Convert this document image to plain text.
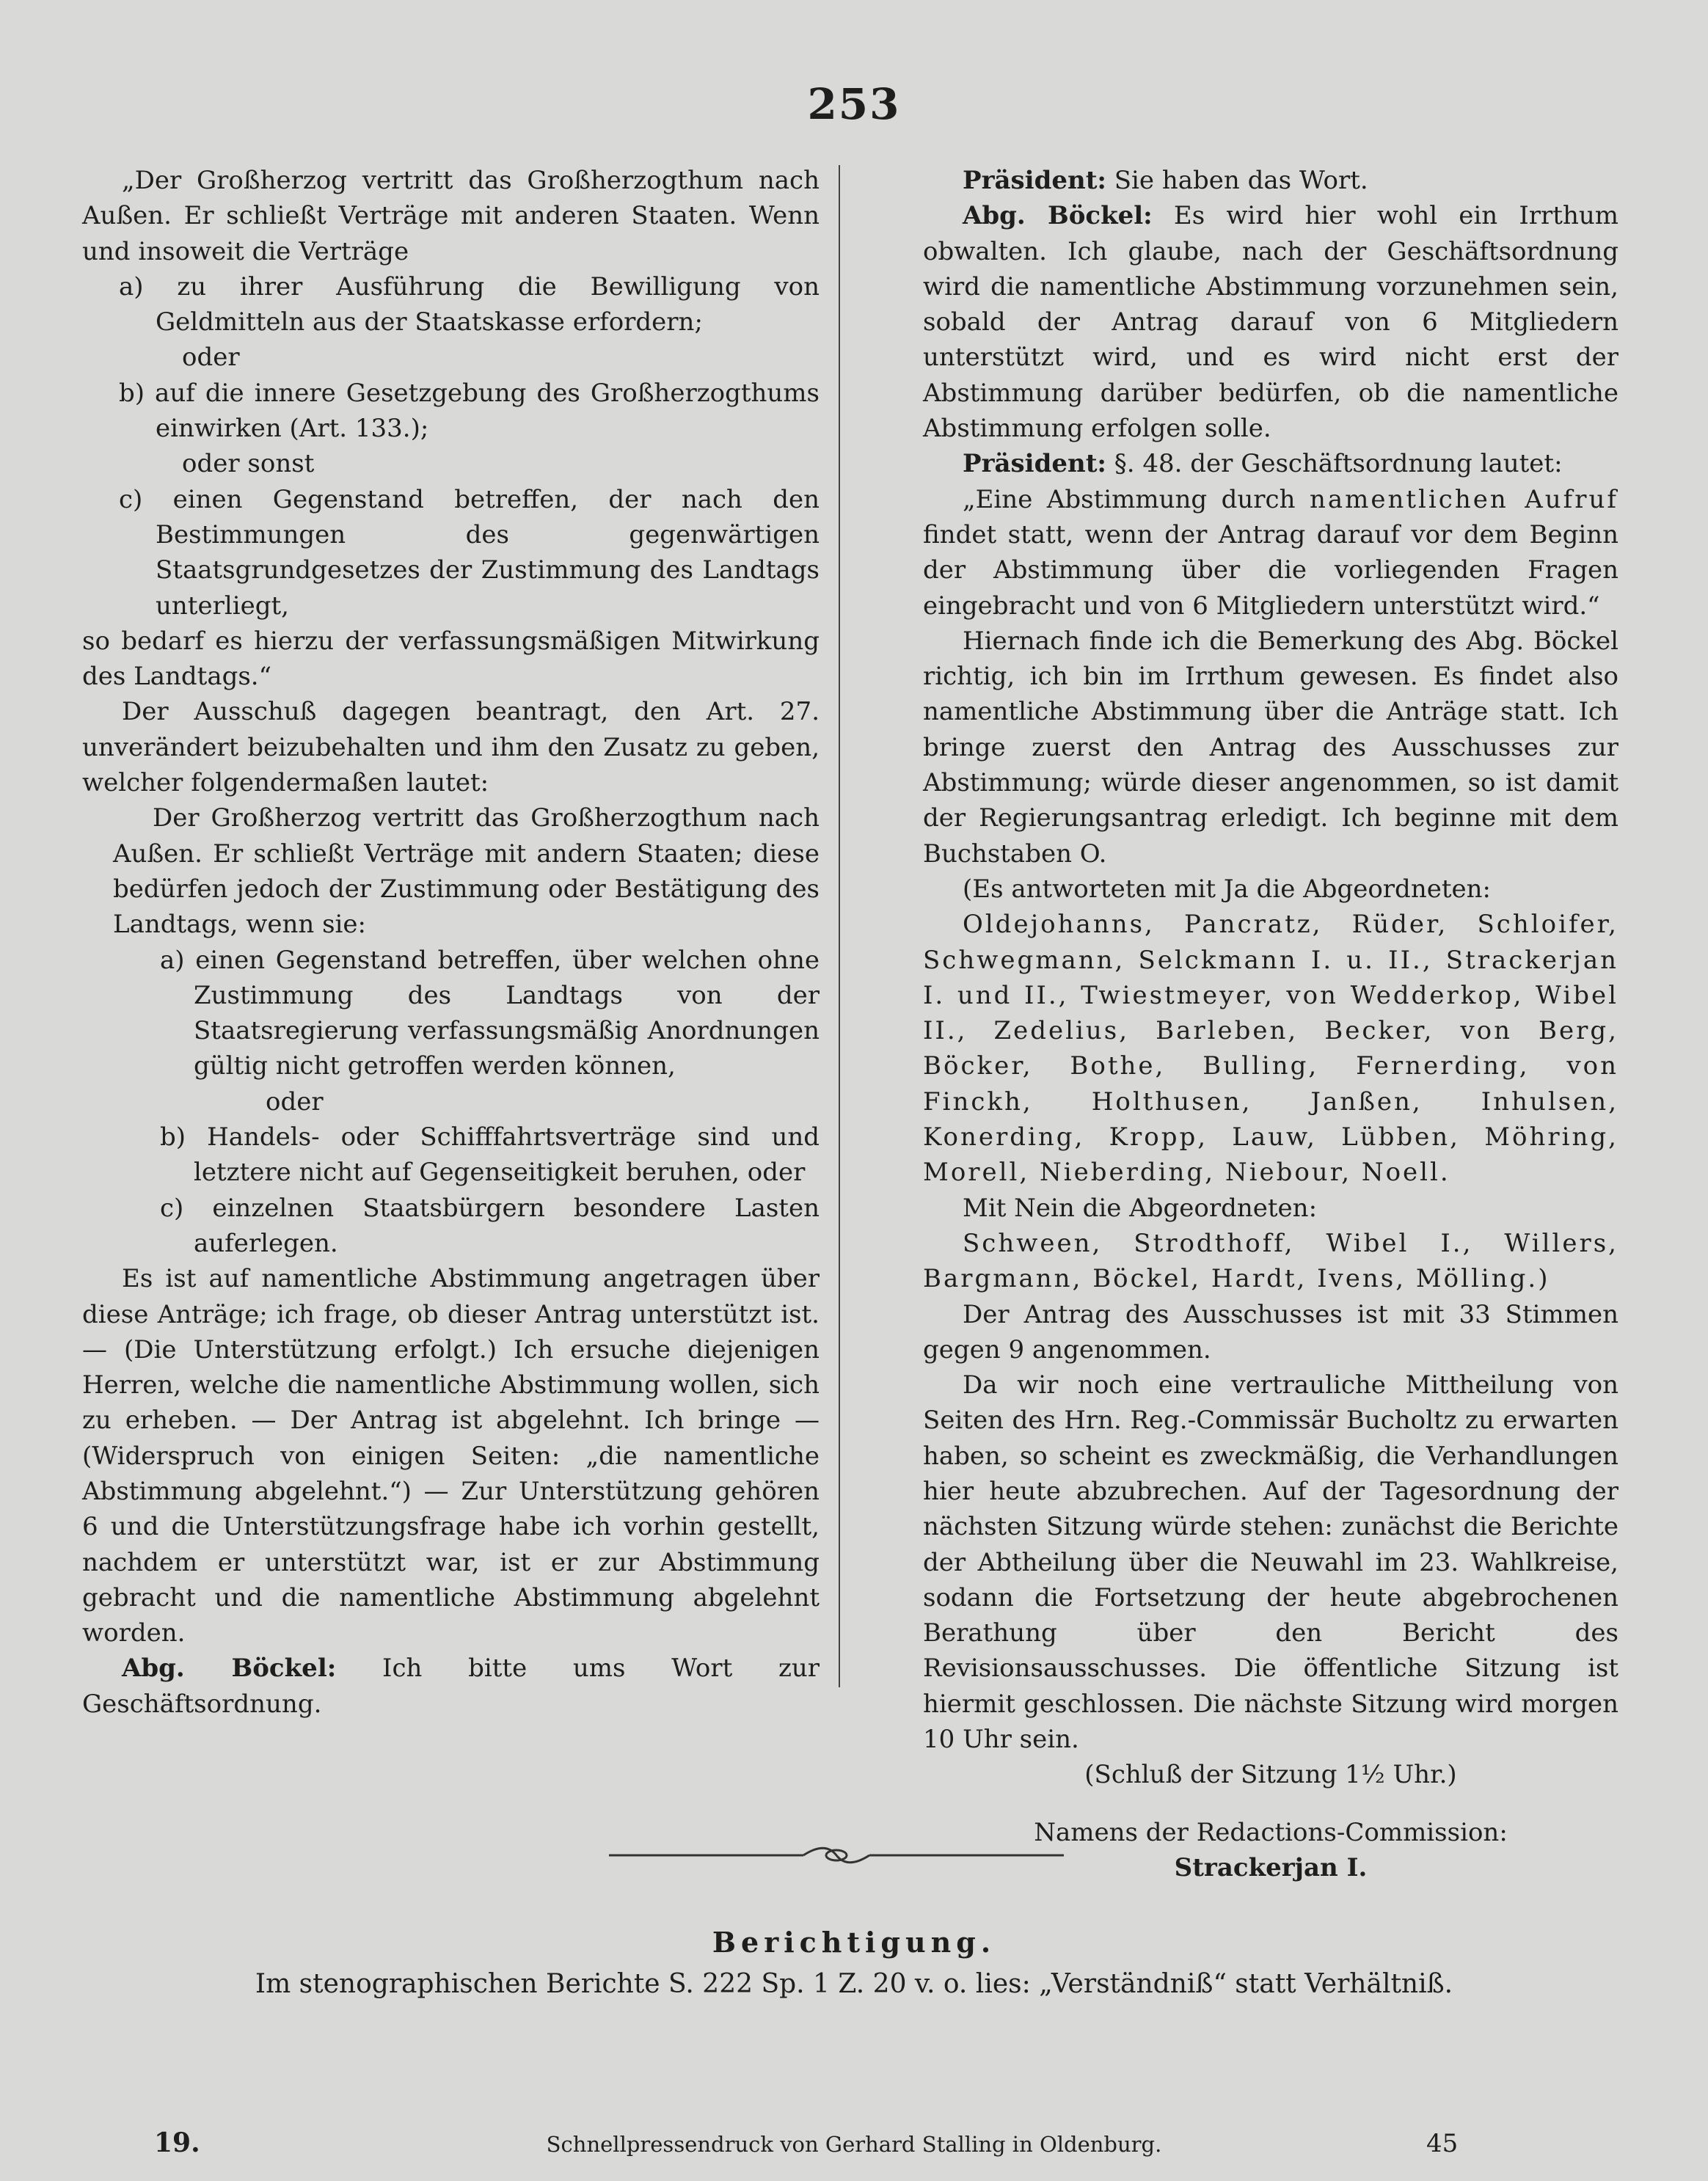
253

„Der Großherzog vertritt das Großherzogthum nach Außen. Er schließt Verträge mit anderen Staaten. Wenn und insoweit die Verträge

a) zu ihrer Ausführung die Bewilligung von Geldmitteln aus der Staatskasse erfordern;

oder

b) auf die innere Gesetzgebung des Großherzogthums einwirken (Art. 133.);

oder sonst

c) einen Gegenstand betreffen, der nach den Bestimmungen des gegenwärtigen Staatsgrundgesetzes der Zustimmung des Landtags unterliegt,

so bedarf es hierzu der verfassungsmäßigen Mitwirkung des Landtags.“

Der Ausschuß dagegen beantragt, den Art. 27. unverändert beizubehalten und ihm den Zusatz zu geben, welcher folgendermaßen lautet:

Der Großherzog vertritt das Großherzogthum nach Außen. Er schließt Verträge mit andern Staaten; diese bedürfen jedoch der Zustimmung oder Bestätigung des Landtags, wenn sie:

a) einen Gegenstand betreffen, über welchen ohne Zustimmung des Landtags von der Staatsregierung verfassungsmäßig Anordnungen gültig nicht getroffen werden können,

oder

b) Handels- oder Schifffahrtsverträge sind und letztere nicht auf Gegenseitigkeit beruhen, oder

c) einzelnen Staatsbürgern besondere Lasten auferlegen.

Es ist auf namentliche Abstimmung angetragen über diese Anträge; ich frage, ob dieser Antrag unterstützt ist. — (Die Unterstützung erfolgt.) Ich ersuche diejenigen Herren, welche die namentliche Abstimmung wollen, sich zu erheben. — Der Antrag ist abgelehnt. Ich bringe — (Widerspruch von einigen Seiten: „die namentliche Abstimmung abgelehnt.“) — Zur Unterstützung gehören 6 und die Unterstützungsfrage habe ich vorhin gestellt, nachdem er unterstützt war, ist er zur Abstimmung gebracht und die namentliche Abstimmung abgelehnt worden.

Abg. Böckel: Ich bitte ums Wort zur Geschäftsordnung.

Präsident: Sie haben das Wort.

Abg. Böckel: Es wird hier wohl ein Irrthum obwalten. Ich glaube, nach der Geschäftsordnung wird die namentliche Abstimmung vorzunehmen sein, sobald der Antrag darauf von 6 Mitgliedern unterstützt wird, und es wird nicht erst der Abstimmung darüber bedürfen, ob die namentliche Abstimmung erfolgen solle.

Präsident: §. 48. der Geschäftsordnung lautet:

„Eine Abstimmung durch namentlichen Aufruf findet statt, wenn der Antrag darauf vor dem Beginn der Abstimmung über die vorliegenden Fragen eingebracht und von 6 Mitgliedern unterstützt wird.“

Hiernach finde ich die Bemerkung des Abg. Böckel richtig, ich bin im Irrthum gewesen. Es findet also namentliche Abstimmung über die Anträge statt. Ich bringe zuerst den Antrag des Ausschusses zur Abstimmung; würde dieser angenommen, so ist damit der Regierungsantrag erledigt. Ich beginne mit dem Buchstaben O.

(Es antworteten mit Ja die Abgeordneten:

Oldejohanns, Pancratz, Rüder, Schloifer, Schwegmann, Selckmann I. u. II., Strackerjan I. und II., Twiestmeyer, von Wedderkop, Wibel II., Zedelius, Barleben, Becker, von Berg, Böcker, Bothe, Bulling, Fernerding, von Finckh, Holthusen, Janßen, Inhulsen, Konerding, Kropp, Lauw, Lübben, Möhring, Morell, Nieberding, Niebour, Noell.

Mit Nein die Abgeordneten:

Schween, Strodthoff, Wibel I., Willers, Bargmann, Böckel, Hardt, Ivens, Mölling.)

Der Antrag des Ausschusses ist mit 33 Stimmen gegen 9 angenommen.

Da wir noch eine vertrauliche Mittheilung von Seiten des Hrn. Reg.-Commissär Bucholtz zu erwarten haben, so scheint es zweckmäßig, die Verhandlungen hier heute abzubrechen. Auf der Tagesordnung der nächsten Sitzung würde stehen: zunächst die Berichte der Abtheilung über die Neuwahl im 23. Wahlkreise, sodann die Fortsetzung der heute abgebrochenen Berathung über den Bericht des Revisionsausschusses. Die öffentliche Sitzung ist hiermit geschlossen. Die nächste Sitzung wird morgen 10 Uhr sein.

(Schluß der Sitzung 1½ Uhr.)

Namens der Redactions-Commission:

Strackerjan I.

Berichtigung.
Im stenographischen Berichte S. 222 Sp. 1 Z. 20 v. o. lies: „Verständniß“ statt Verhältniß.
19.	Schnellpressendruck von Gerhard Stalling in Oldenburg.	45
